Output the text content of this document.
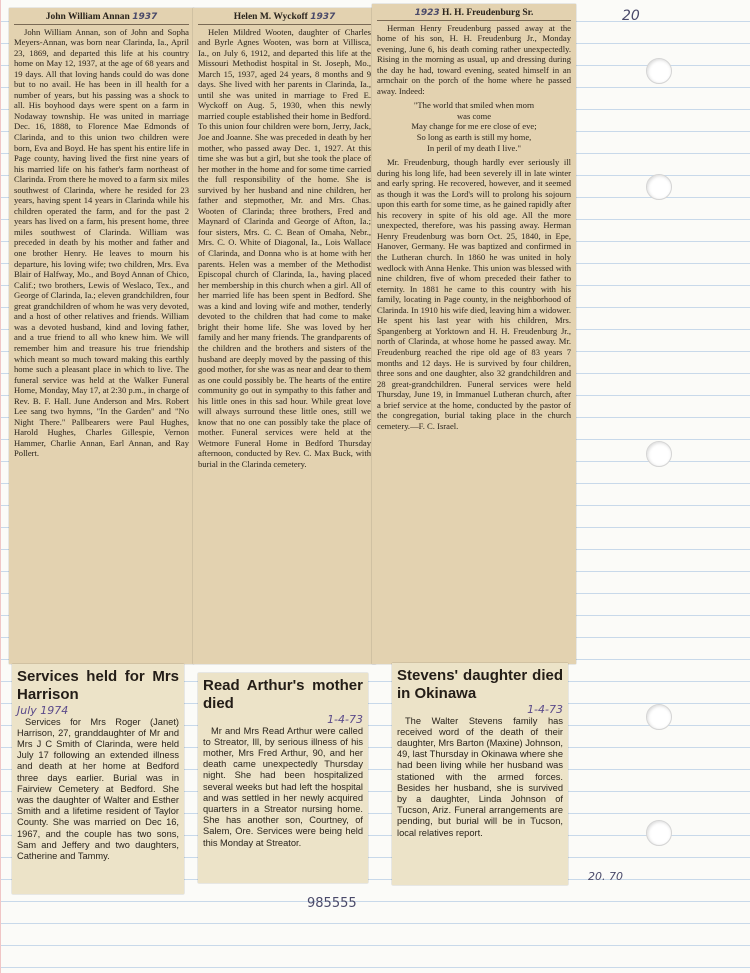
20
John William Annan 1937

John William Annan, son of John and Sopha Meyers-Annan, was born near Clarinda, Ia., April 23, 1869, and departed this life at his country home on May 12, 1937, at the age of 68 years and 19 days. All that loving hands could do was done but to no avail. He has been in ill health for a number of years, but his passing was a shock to all. His boyhood days were spent on a farm in Nodaway township. He was united in marriage Dec. 16, 1888, to Florence Mae Edmonds of Clarinda, and to this union two children were born, Eva and Boyd. He has spent his entire life in Page county, having lived the first nine years of his married life on his father's farm northeast of Clarinda. From there he moved to a farm six miles southwest of Clarinda, where he resided for 23 years, having spent 14 years in Clarinda while his children operated the farm, and for the past 2 years has lived on a farm, his present home, three miles southwest of Clarinda. William was preceded in death by his mother and father and one brother Henry. He leaves to mourn his departure, his loving wife; two children, Mrs. Eva Blair of Halfway, Mo., and Boyd Annan of Chico, Calif.; two brothers, Lewis of Weslaco, Tex., and George of Clarinda, Ia.; eleven grandchildren, four great grandchildren of whom he was very devoted, and a host of other relatives and friends. William was a devoted husband, kind and loving father, and a true friend to all who knew him. We will remember him and treasure his true friendship which meant so much toward making this earthly home such a pleasant place in which to live. The funeral service was held at the Walker Funeral Home, Monday, May 17, at 2:30 p.m., in charge of Rev. B. F. Hall. June Anderson and Mrs. Robert Lee sang two hymns, "In the Garden" and "No Night There." Pallbearers were Paul Hughes, Harold Hughes, Charles Gillespie, Vernon Hammer, Charlie Annan, Earl Annan, and Ray Pollert.

Helen M. Wyckoff 1937

Helen Mildred Wooten, daughter of Charles and Byrle Agnes Wooten, was born at Villisca, Ia., on July 6, 1912, and departed this life at the Missouri Methodist hospital in St. Joseph, Mo., March 15, 1937, aged 24 years, 8 months and 9 days. She lived with her parents in Clarinda, Ia., until she was united in marriage to Fred E. Wyckoff on Aug. 5, 1930, when this newly married couple established their home in Bedford. To this union four children were born, Jerry, Jack, Joe and Joanne. She was preceded in death by her mother, who passed away Dec. 1, 1927. At this time she was but a girl, but she took the place of her mother in the home and for some time carried the full responsibility of the home. She is survived by her husband and nine children, her father and stepmother, Mr. and Mrs. Chas. Wooten of Clarinda; three brothers, Fred and Maynard of Clarinda and George of Afton, Ia.; four sisters, Mrs. C. C. Bean of Omaha, Nebr., Mrs. C. O. White of Diagonal, Ia., Lois Wallace of Clarinda, and Donna who is at home with her parents. Helen was a member of the Methodist Episcopal church of Clarinda, Ia., having placed her membership in this church when a girl. All of her married life has been spent in Bedford. She was a kind and loving wife and mother, tenderly devoted to the children that had come to make bright their home life. She was loved by her family and her many friends. The grandparents of the children and the brothers and sisters of the husband are deeply moved by the passing of this good mother, for she was as near and dear to them as one could possibly be. The hearts of the entire community go out in sympathy to this father and his little ones in this sad hour. While great love will always surround these little ones, still we know that no one can possibly take the place of mother. Funeral services were held at the Wetmore Funeral Home in Bedford Thursday afternoon, conducted by Rev. C. Max Buck, with burial in the Clarinda cemetery.

1923 H. H. Freudenburg Sr.

Herman Henry Freudenburg passed away at the home of his son, H. H. Freudenburg Jr., Monday evening, June 6, his death coming rather unexpectedly. Rising in the morning as usual, up and dressing during the day he had, toward evening, seated himself in an armchair on the porch of the home where he passed away. Indeed:

"The world that smiled when morn
was come
May change for me ere close of eve;
So long as earth is still my home,
In peril of my death I live."

Mr. Freudenburg, though hardly ever seriously ill during his long life, had been severely ill in late winter and early spring. He recovered, however, and it seemed as though it was the Lord's will to prolong his sojourn upon this earth for some time, as he gained rapidly after his recovery in spite of his old age. All the more unexpected, therefore, was his passing away. Herman Henry Freudenburg was born Oct. 25, 1840, in Epe, Hanover, Germany. He was baptized and confirmed in the Lutheran church. In 1860 he was united in holy wedlock with Anna Henke. This union was blessed with nine children, five of whom preceded their father to eternity. In 1881 he came to this country with his family, locating in Page county, in the neighborhood of Clarinda. In 1910 his wife died, leaving him a widower. He spent his last year with his children, Mrs. Spangenberg at Yorktown and H. H. Freudenburg Jr., north of Clarinda, at whose home he passed away. Mr. Freudenburg reached the ripe old age of 83 years 7 months and 12 days. He is survived by four children, three sons and one daughter, also 32 grandchildren and 28 great-grandchildren. Funeral services were held Thursday, June 19, in Immanuel Lutheran church, after a brief service at the home, conducted by the pastor of the congregation, burial taking place in the church cemetery.—F. C. Israel.

Services held for Mrs Harrison
July 1974

Services for Mrs Roger (Janet) Harrison, 27, granddaughter of Mr and Mrs J C Smith of Clarinda, were held July 17 following an extended illness and death at her home at Bedford three days earlier. Burial was in Fairview Cemetery at Bedford. She was the daughter of Walter and Esther Smith and a lifetime resident of Taylor County. She was married on Dec 16, 1967, and the couple has two sons, Sam and Jeffery and two daughters, Catherine and Tammy.

Read Arthur's mother died
1-4-73

Mr and Mrs Read Arthur were called to Streator, Ill, by serious illness of his mother, Mrs Fred Arthur, 90, and her death came unexpectedly Thursday night. She had been hospitalized several weeks but had left the hospital and was settled in her newly acquired quarters in a Streator nursing home. She has another son, Courtney, of Salem, Ore. Services were being held this Monday at Streator.

Stevens' daughter died in Okinawa
1-4-73

The Walter Stevens family has received word of the death of their daughter, Mrs Barton (Maxine) Johnson, 49, last Thursday in Okinawa where she had been living while her husband was stationed with the armed forces. Besides her husband, she is survived by a daughter, Linda Johnson of Tucson, Ariz. Funeral arrangements are pending, but burial will be in Tucson, local relatives report.

985555
20. 70
